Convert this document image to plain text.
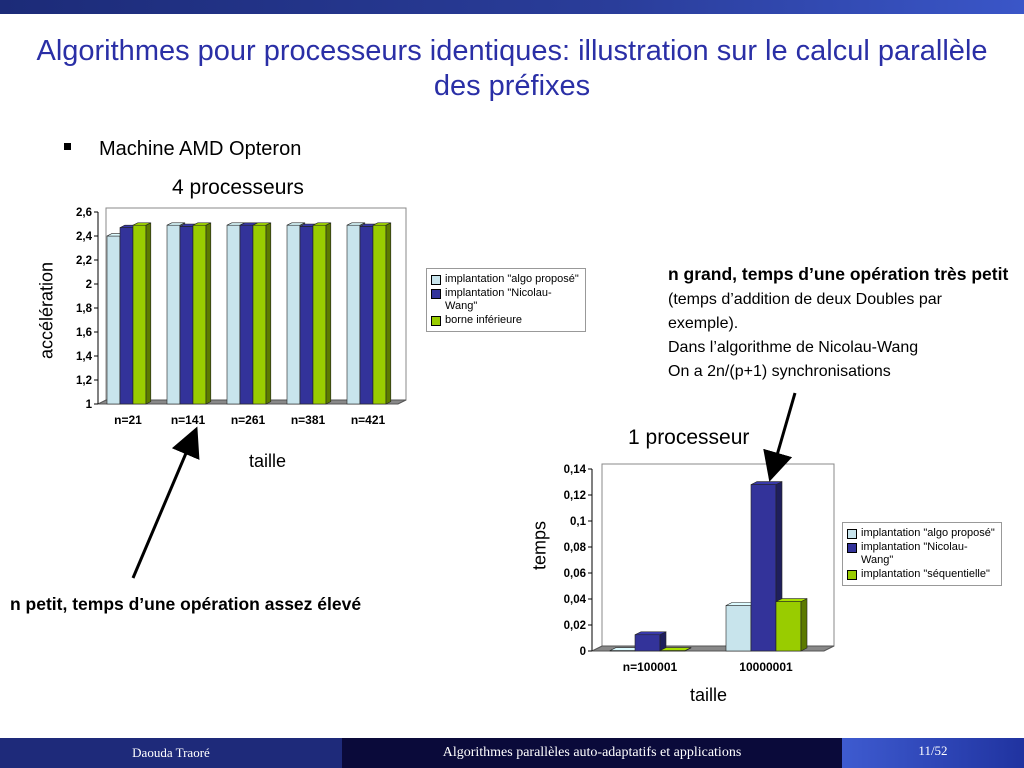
Algorithmes pour processeurs identiques: illustration sur le calcul parallèle des préfixes
Machine AMD Opteron
4 processeurs
accélération
1
1,2
1,4
1,6
1,8
2
2,2
2,4
2,6
n=21 n=141 n=261 n=381 n=421
taille
implantation "algo proposé"
implantation "Nicolau-Wang"
borne inférieure
1 processeur
temps
0
0,02
0,04
0,06
0,08
0,1
0,12
0,14
n=100001	10000001
taille
implantation "algo proposé"
implantation "Nicolau-Wang"
implantation "séquentielle"
n grand, temps d’une opération très petit (temps d’addition de deux Doubles par exemple).
Dans l’algorithme de Nicolau-Wang
On a 2n/(p+1) synchronisations
n petit, temps d’une opération assez élevé
Daouda Traoré	Algorithmes parallèles auto-adaptatifs et applications	11/52
